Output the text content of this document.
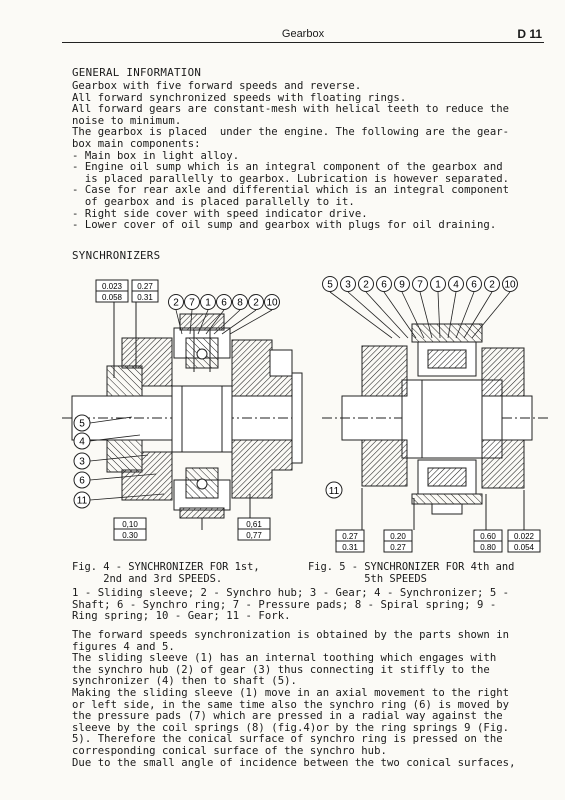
Gearbox	D 11
GENERAL INFORMATION
Gearbox with five forward speeds and reverse.
All forward synchronized speeds with floating rings.
All forward gears are constant-mesh with helical teeth to reduce the
noise to minimum.
The gearbox is placed  under the engine. The following are the gear-
box main components:
- Main box in light alloy.
- Engine oil sump which is an integral component of the gearbox and
is placed parallelly to gearbox. Lubrication is however separated.
- Case for rear axle and differential which is an integral component
of gearbox and is placed parallelly to it.
- Right side cover with speed indicator drive.
- Lower cover of oil sump and gearbox with plugs for oil draining.
SYNCHRONIZERS
0.023
0.058
0.27
0.31
0,10
0.30
0,61
0,77
2 7 1 6 8 2 10
5
4
3
6
11
5 3 2 6 9 7 1 4 6 2 10
11
0.27
0.31
0.20
0.27
0.60
0.80
0.022
0.054
Fig. 4 - SYNCHRONIZER FOR 1st,
2nd and 3rd SPEEDS.
Fig. 5 - SYNCHRONIZER FOR 4th and
5th SPEEDS
1 - Sliding sleeve; 2 - Synchro hub; 3 - Gear; 4 - Synchronizer; 5 -
Shaft; 6 - Synchro ring; 7 - Pressure pads; 8 - Spiral spring; 9 -
Ring spring; 10 - Gear; 11 - Fork.
The forward speeds synchronization is obtained by the parts shown in
figures 4 and 5.
The sliding sleeve (1) has an internal toothing which engages with
the synchro hub (2) of gear (3) thus connecting it stiffly to the
synchronizer (4) then to shaft (5).
Making the sliding sleeve (1) move in an axial movement to the right
or left side, in the same time also the synchro ring (6) is moved by
the pressure pads (7) which are pressed in a radial way against the
sleeve by the coil springs (8) (fig.4)or by the ring springs 9 (Fig.
5). Therefore the conical surface of synchro ring is pressed on the
corresponding conical surface of the synchro hub.
Due to the small angle of incidence between the two conical surfaces,
